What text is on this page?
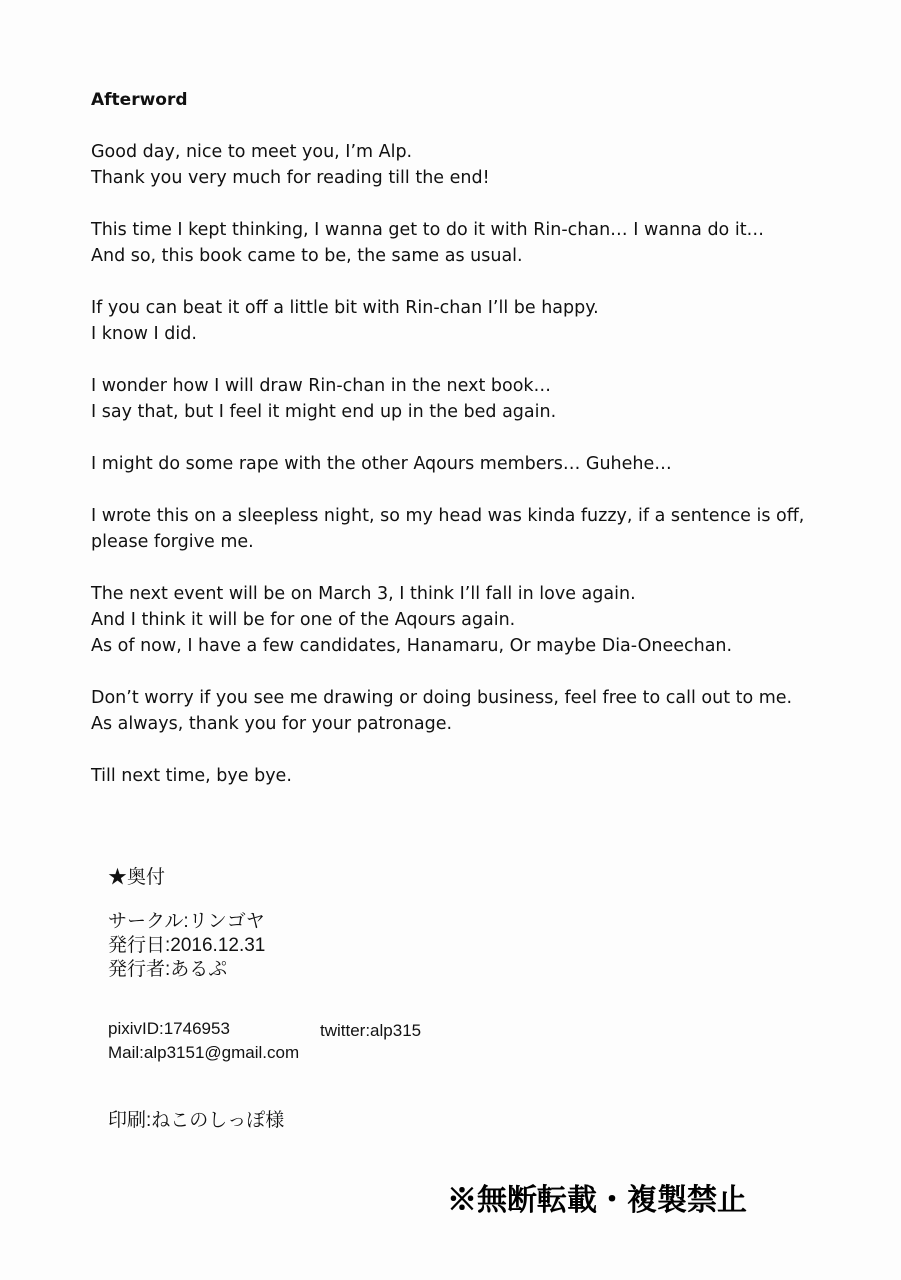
Afterword
Good day, nice to meet you, I’m Alp.
Thank you very much for reading till the end!
This time I kept thinking, I wanna get to do it with Rin-chan… I wanna do it…
And so, this book came to be, the same as usual.
If you can beat it off a little bit with Rin-chan I’ll be happy.
I know I did.
I wonder how I will draw Rin-chan in the next book…
I say that, but I feel it might end up in the bed again.
I might do some rape with the other Aqours members… Guhehe…
I wrote this on a sleepless night, so my head was kinda fuzzy, if a sentence is off,
please forgive me.
The next event will be on March 3, I think I’ll fall in love again.
And I think it will be for one of the Aqours again.
As of now, I have a few candidates, Hanamaru, Or maybe Dia-Oneechan.
Don’t worry if you see me drawing or doing business, feel free to call out to me.
As always, thank you for your patronage.
Till next time, bye bye.
★奥付
サークル:リンゴヤ
発行日:2016.12.31
発行者:あるぷ
pixivID:1746953	twitter:alp315
Mail:alp3151@gmail.com
印刷:ねこのしっぽ様
※無断転載・複製禁止
